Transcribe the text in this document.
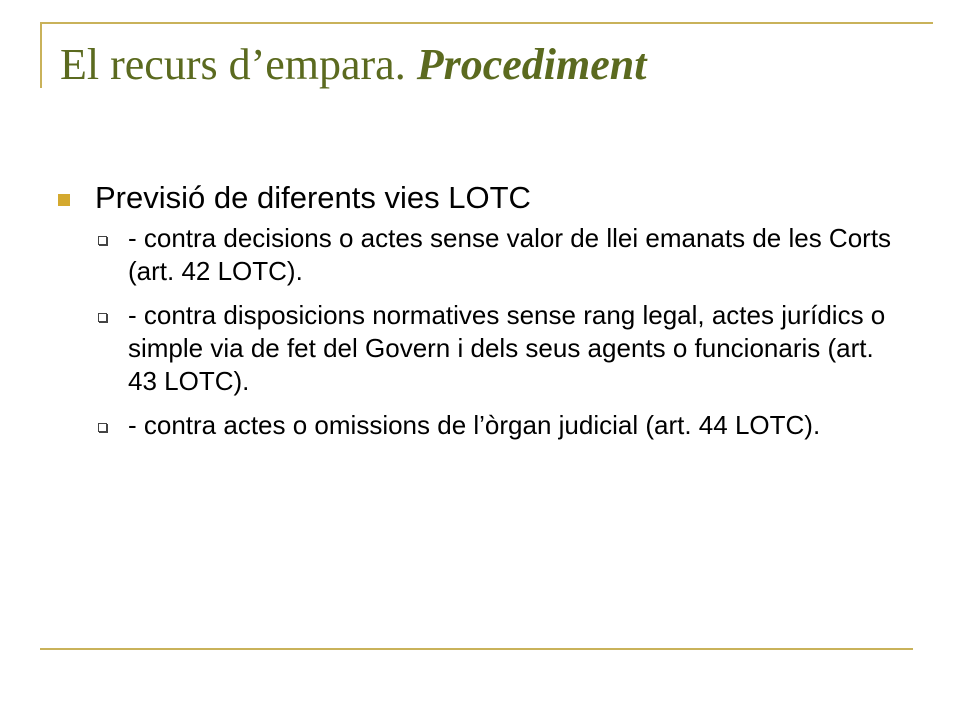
El recurs d’empara. Procediment
Previsió de diferents vies LOTC
- contra decisions o actes sense valor de llei emanats de les Corts (art. 42 LOTC).
- contra disposicions normatives sense rang legal, actes jurídics o simple via de fet del Govern i dels seus agents o funcionaris (art. 43 LOTC).
- contra actes o omissions de l’òrgan judicial (art. 44 LOTC).
